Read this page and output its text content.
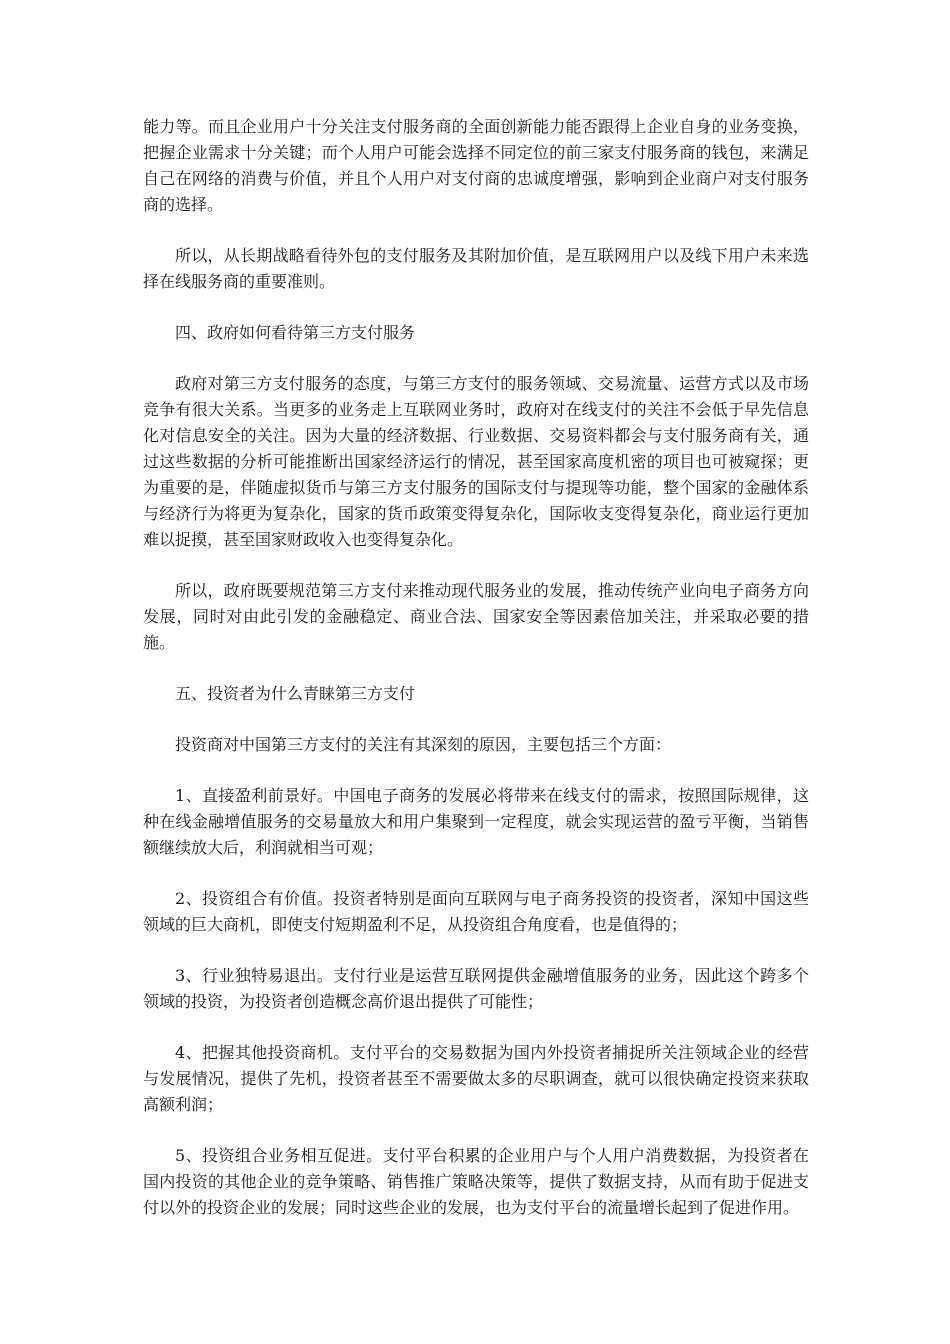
能力等。而且企业用户十分关注支付服务商的全面创新能力能否跟得上企业自身的业务变换，把握企业需求十分关键；而个人用户可能会选择不同定位的前三家支付服务商的钱包，来满足自己在网络的消费与价值，并且个人用户对支付商的忠诚度增强，影响到企业商户对支付服务商的选择。

所以，从长期战略看待外包的支付服务及其附加价值，是互联网用户以及线下用户未来选择在线服务商的重要准则。

四、政府如何看待第三方支付服务

政府对第三方支付服务的态度，与第三方支付的服务领域、交易流量、运营方式以及市场竞争有很大关系。当更多的业务走上互联网业务时，政府对在线支付的关注不会低于早先信息化对信息安全的关注。因为大量的经济数据、行业数据、交易资料都会与支付服务商有关，通过这些数据的分析可能推断出国家经济运行的情况，甚至国家高度机密的项目也可被窥探；更为重要的是，伴随虚拟货币与第三方支付服务的国际支付与提现等功能，整个国家的金融体系与经济行为将更为复杂化，国家的货币政策变得复杂化，国际收支变得复杂化，商业运行更加难以捉摸，甚至国家财政收入也变得复杂化。

所以，政府既要规范第三方支付来推动现代服务业的发展，推动传统产业向电子商务方向发展，同时对由此引发的金融稳定、商业合法、国家安全等因素倍加关注，并采取必要的措施。

五、投资者为什么青睐第三方支付

投资商对中国第三方支付的关注有其深刻的原因，主要包括三个方面：

1、直接盈利前景好。中国电子商务的发展必将带来在线支付的需求，按照国际规律，这种在线金融增值服务的交易量放大和用户集聚到一定程度，就会实现运营的盈亏平衡，当销售额继续放大后，利润就相当可观；

2、投资组合有价值。投资者特别是面向互联网与电子商务投资的投资者，深知中国这些领域的巨大商机，即使支付短期盈利不足，从投资组合角度看，也是值得的；

3、行业独特易退出。支付行业是运营互联网提供金融增值服务的业务，因此这个跨多个领域的投资，为投资者创造概念高价退出提供了可能性；

4、把握其他投资商机。支付平台的交易数据为国内外投资者捕捉所关注领域企业的经营与发展情况，提供了先机，投资者甚至不需要做太多的尽职调查，就可以很快确定投资来获取高额利润；

5、投资组合业务相互促进。支付平台积累的企业用户与个人用户消费数据，为投资者在国内投资的其他企业的竞争策略、销售推广策略决策等，提供了数据支持，从而有助于促进支付以外的投资企业的发展；同时这些企业的发展，也为支付平台的流量增长起到了促进作用。
